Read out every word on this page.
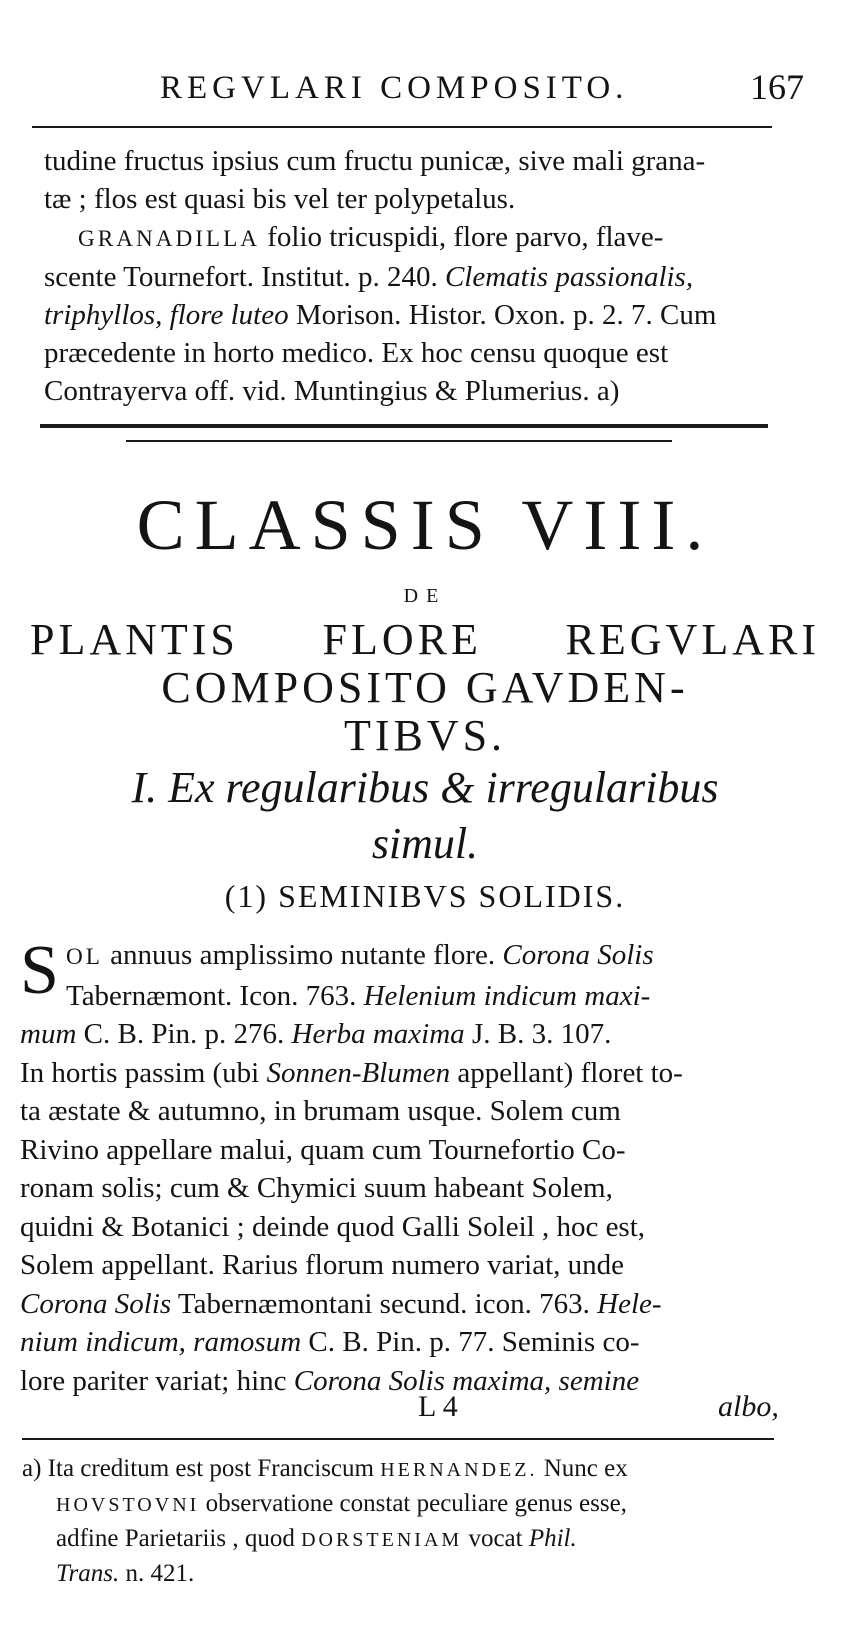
REGVLARI COMPOSITO.	167
tudine fructus ipsius cum fructu punicæ, sive mali grana-
tæ ; flos est quasi bis vel ter polypetalus.
GRANADILLA folio tricuspidi, flore parvo, flave-
scente Tournefort. Institut. p. 240. Clematis passionalis,
triphyllos, flore luteo Morison. Histor. Oxon. p. 2. 7. Cum
præcedente in horto medico. Ex hoc censu quoque est
Contrayerva off. vid. Muntingius & Plumerius. a)
CLASSIS VIII.
DE
PLANTIS FLORE REGVLARI
COMPOSITO GAVDEN-
TIBVS.
I. Ex regularibus & irregularibus
simul.
(1) SEMINIBVS SOLIDIS.
S OL annuus amplissimo nutante flore. Corona Solis
Tabernæmont. Icon. 763. Helenium indicum maxi-
mum C. B. Pin. p. 276. Herba maxima J. B. 3. 107.
In hortis passim (ubi Sonnen-Blumen appellant) floret to-
ta æstate & autumno, in brumam usque. Solem cum
Rivino appellare malui, quam cum Tournefortio Co-
ronam solis; cum & Chymici suum habeant Solem,
quidni & Botanici ; deinde quod Galli Soleil , hoc est,
Solem appellant. Rarius florum numero variat, unde
Corona Solis Tabernæmontani secund. icon. 763. Hele-
nium indicum, ramosum C. B. Pin. p. 77. Seminis co-
lore pariter variat; hinc Corona Solis maxima, semine
L 4	albo,
a) Ita creditum est post Franciscum HERNANDEZ. Nunc ex
HOVSTOVNI observatione constat peculiare genus esse,
adfine Parietariis , quod DORSTENIAM vocat Phil.
Trans. n. 421.
